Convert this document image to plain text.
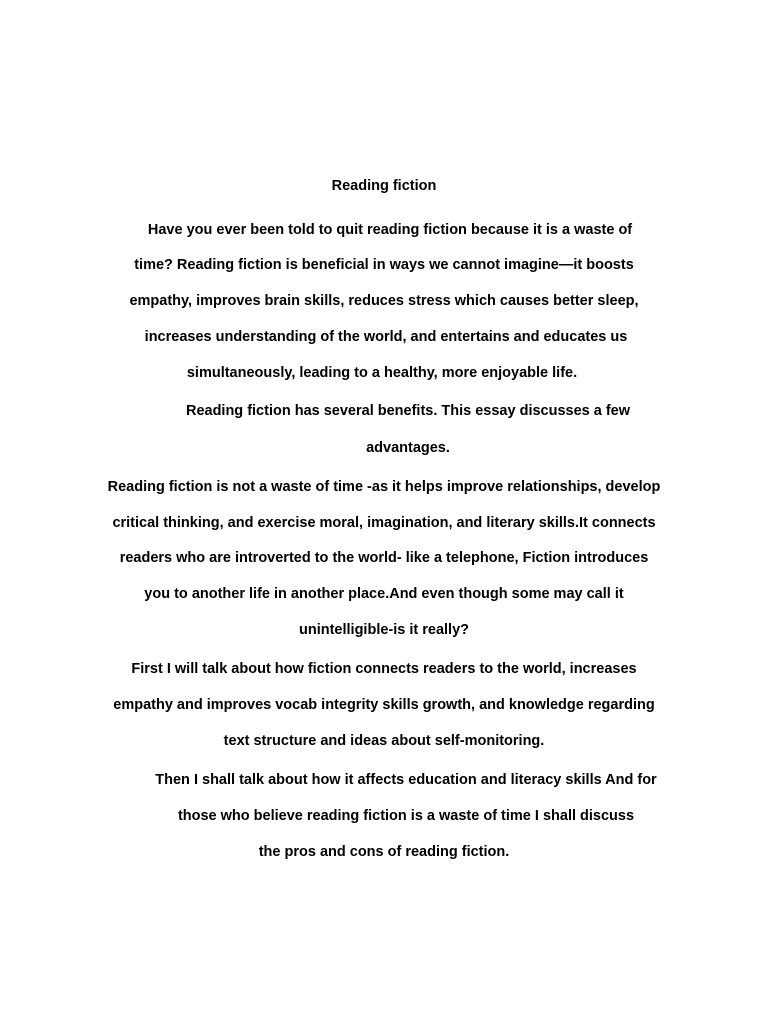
Reading fiction
Have you ever been told to quit reading fiction because it is a waste of
time? Reading fiction is beneficial in ways we cannot imagine—it boosts
empathy, improves brain skills, reduces stress which causes better sleep,
increases understanding of the world, and entertains and educates us
simultaneously, leading to a healthy, more enjoyable life.
Reading fiction has several benefits. This essay discusses a few
advantages.
Reading fiction is not a waste of time -as it helps improve relationships, develop
critical thinking, and exercise moral, imagination, and literary skills.It connects
readers who are introverted to the world- like a telephone, Fiction introduces
you to another life in another place.And even though some may call it
unintelligible-is it really?
First I will talk about how fiction connects readers to the world, increases
empathy and improves vocab integrity skills growth, and knowledge regarding
text structure and ideas about self-monitoring.
Then I shall talk about how it affects education and literacy skills And for
those who believe reading fiction is a waste of time I shall discuss
the pros and cons of reading fiction.
